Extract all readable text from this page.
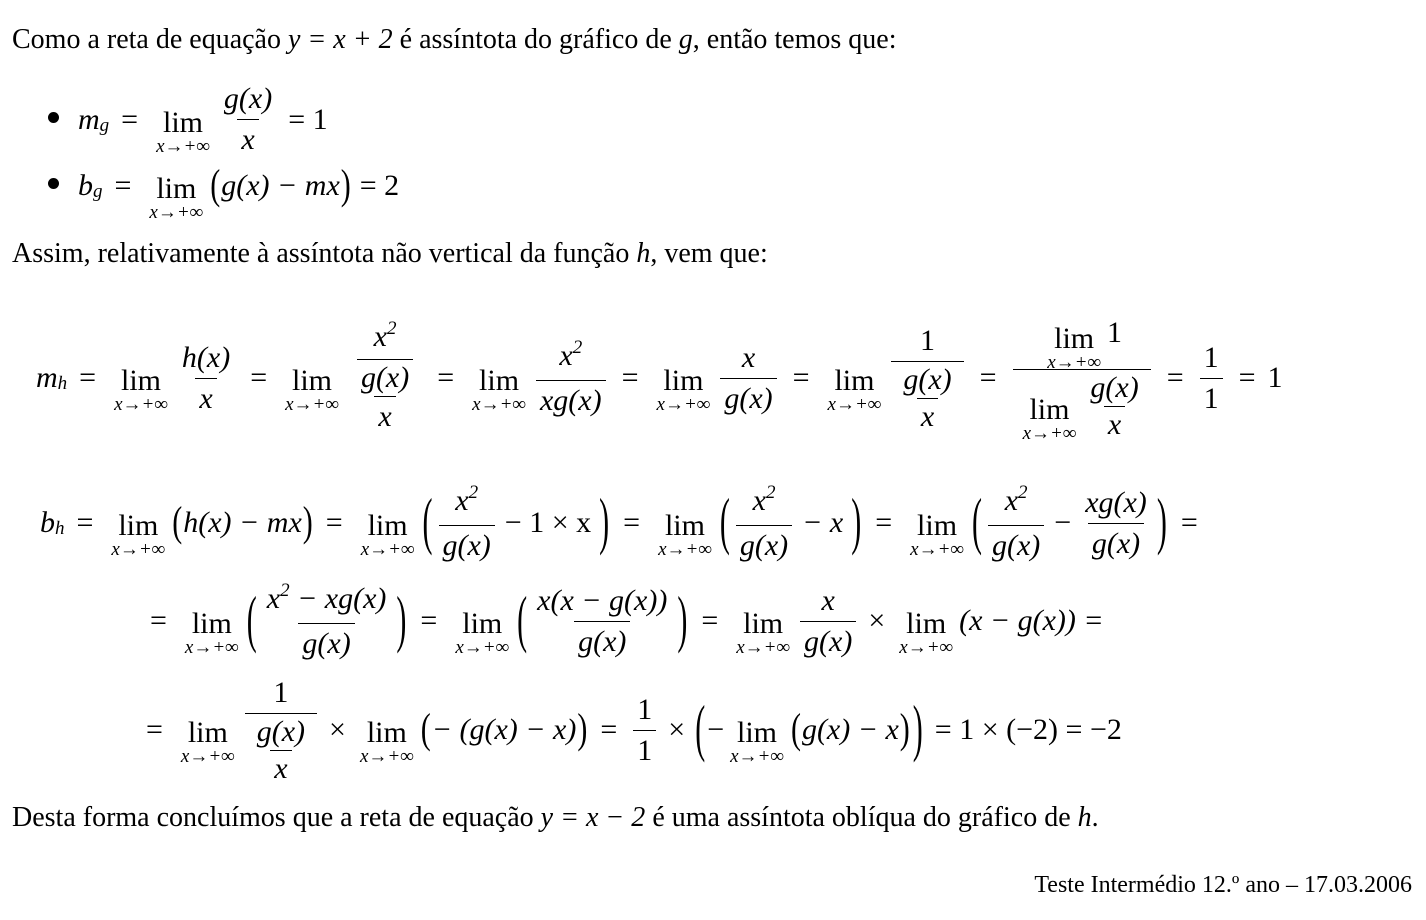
Como a reta de equação y = x + 2 é assíntota do gráfico de g, então temos que:
$m_g = \lim$
$x\to+\infty \frac{g(x)}{x} = 1$
$b_g = \lim$
x→+∞
( g(x) − mx ) = 2
Assim, relativamente à assíntota não vertical da função h, vem que:
$m_h = \lim$
$x\to+\infty \frac{h(x)}{x} = \lim$
$x\to+\infty \frac{\frac{x^2}{g(x)}}{x} = \lim$
$x\to+\infty \frac{x^2}{xg(x)} = \lim$
$x\to+\infty \frac{x}{g(x)} = \lim$
$x\to+\infty \frac{1}{\frac{g(x)}{x}} = \lim$
x→+∞
1
lim
$x\to+\infty \frac{g(x)}{x} = \frac{1}{1} = 1$
$b_h = \lim$
x→+∞
( h(x) − mx ) = lim
x→+∞ ( $\frac{x^2}{g(x)} - 1 \times x$ ) = lim
x→+∞ ( $\frac{x^2}{g(x)} - x$ ) = lim
x→+∞ ( $\frac{x^2}{g(x)} - \frac{xg(x)}{g(x)}$ ) =
= lim
x→+∞ ( $\frac{x^2 - xg(x)}{g(x)}$ ) = lim
x→+∞ ( $\frac{x(x - g(x))}{g(x)}$ ) = lim
$x\to+\infty \frac{x}{g(x)} \times \lim$
x→+∞
(x − g(x)) =
= lim
$x\to+\infty \frac{1}{\frac{g(x)}{x}} \times \lim$
x→+∞
( − (g(x) − x) ) = $\frac{1}{1}$ × ( − lim
x→+∞
( g(x) − x ) ) = 1 × (−2) = −2
Desta forma concluímos que a reta de equação y = x − 2 é uma assíntota oblíqua do gráfico de h.
Teste Intermédio 12.º ano – 17.03.2006
